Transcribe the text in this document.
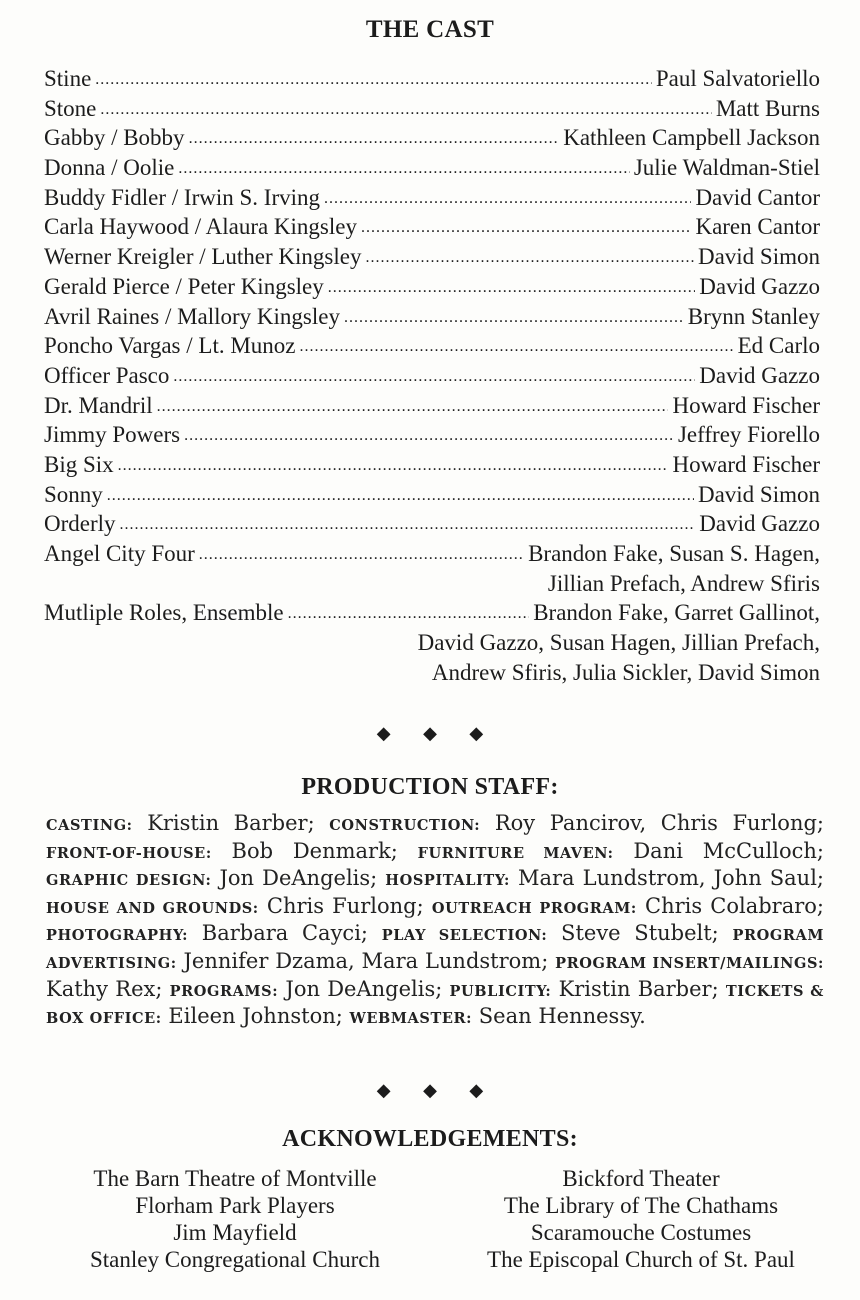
THE CAST
Stine .....	Paul Salvatoriello
Stone .....	Matt Burns
Gabby / Bobby .....	Kathleen Campbell Jackson
Donna / Oolie .....	Julie Waldman-Stiel
Buddy Fidler / Irwin S. Irving .....	David Cantor
Carla Haywood / Alaura Kingsley .....	Karen Cantor
Werner Kreigler / Luther Kingsley .....	David Simon
Gerald Pierce / Peter Kingsley .....	David Gazzo
Avril Raines / Mallory Kingsley .....	Brynn Stanley
Poncho Vargas / Lt. Munoz .....	Ed Carlo
Officer Pasco .....	David Gazzo
Dr. Mandril .....	Howard Fischer
Jimmy Powers .....	Jeffrey Fiorello
Big Six .....	Howard Fischer
Sonny .....	David Simon
Orderly .....	David Gazzo
Angel City Four .....	Brandon Fake, Susan S. Hagen,
Jillian Prefach, Andrew Sfiris
Mutliple Roles, Ensemble .....	Brandon Fake, Garret Gallinot,
David Gazzo, Susan Hagen, Jillian Prefach,
Andrew Sfiris, Julia Sickler, David Simon
◆ ◆ ◆
PRODUCTION STAFF:
CASTING: Kristin Barber; CONSTRUCTION: Roy Pancirov, Chris Furlong; FRONT-OF-HOUSE: Bob Denmark; FURNITURE MAVEN: Dani McCulloch; GRAPHIC DESIGN: Jon DeAngelis; HOSPITALITY: Mara Lundstrom, John Saul; HOUSE AND GROUNDS: Chris Furlong; OUTREACH PROGRAM: Chris Colabraro; PHOTOGRAPHY: Barbara Cayci; PLAY SELECTION: Steve Stubelt; PROGRAM ADVERTISING: Jennifer Dzama, Mara Lundstrom; PROGRAM INSERT/MAILINGS: Kathy Rex; PROGRAMS: Jon DeAngelis; PUBLICITY: Kristin Barber; TICKETS & BOX OFFICE: Eileen Johnston; WEBMASTER: Sean Hennessy.
◆ ◆ ◆
ACKNOWLEDGEMENTS:
The Barn Theatre of Montville
Florham Park Players
Jim Mayfield
Stanley Congregational Church
Bickford Theater
The Library of The Chathams
Scaramouche Costumes
The Episcopal Church of St. Paul
